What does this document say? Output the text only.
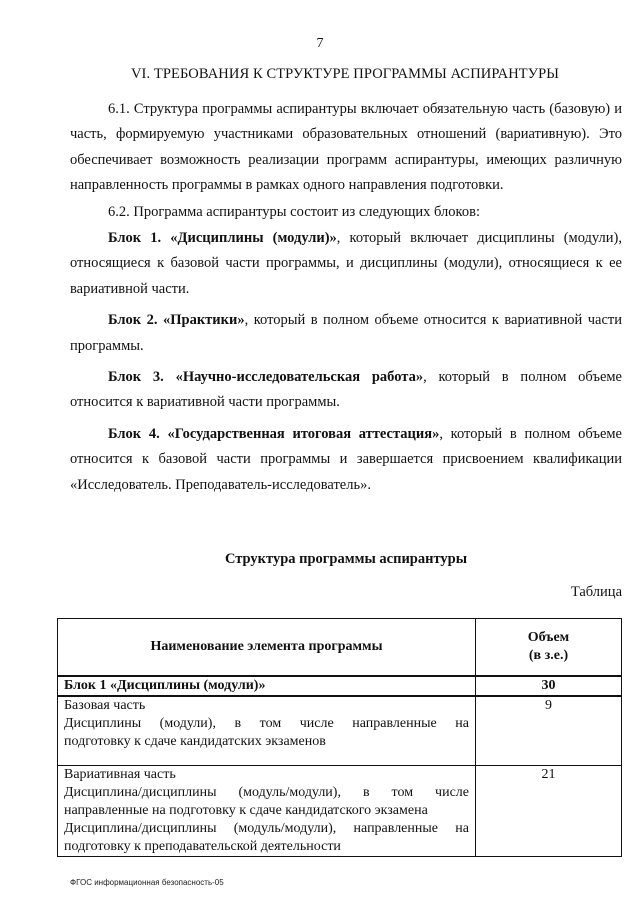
7
VI. ТРЕБОВАНИЯ К СТРУКТУРЕ ПРОГРАММЫ АСПИРАНТУРЫ

6.1. Структура программы аспирантуры включает обязательную часть (базовую) и часть, формируемую участниками образовательных отношений (вариативную). Это обеспечивает возможность реализации программ аспирантуры, имеющих различную направленность программы в рамках одного направления подготовки.

6.2. Программа аспирантуры состоит из следующих блоков:

Блок 1. «Дисциплины (модули)», который включает дисциплины (модули), относящиеся к базовой части программы, и дисциплины (модули), относящиеся к ее вариативной части.

Блок 2. «Практики», который в полном объеме относится к вариативной части программы.

Блок 3. «Научно-исследовательская работа», который в полном объеме относится к вариативной части программы.

Блок 4. «Государственная итоговая аттестация», который в полном объеме относится к базовой части программы и завершается присвоением квалификации «Исследователь. Преподаватель-исследователь».

Структура программы аспирантуры
Таблица
Наименование элемента программы	Объем
(в з.е.)

Блок 1 «Дисциплины (модули)»	30

Базовая часть
Дисциплины (модули), в том числе направленные на
подготовку к сдаче кандидатских экзаменов	9

Вариативная часть
Дисциплина/дисциплины (модуль/модули), в том числе
направленные на подготовку к сдаче кандидатского экзамена
Дисциплина/дисциплины (модуль/модули), направленные на
подготовку к преподавательской деятельности	21
ФГОС информационная безопасность-05
